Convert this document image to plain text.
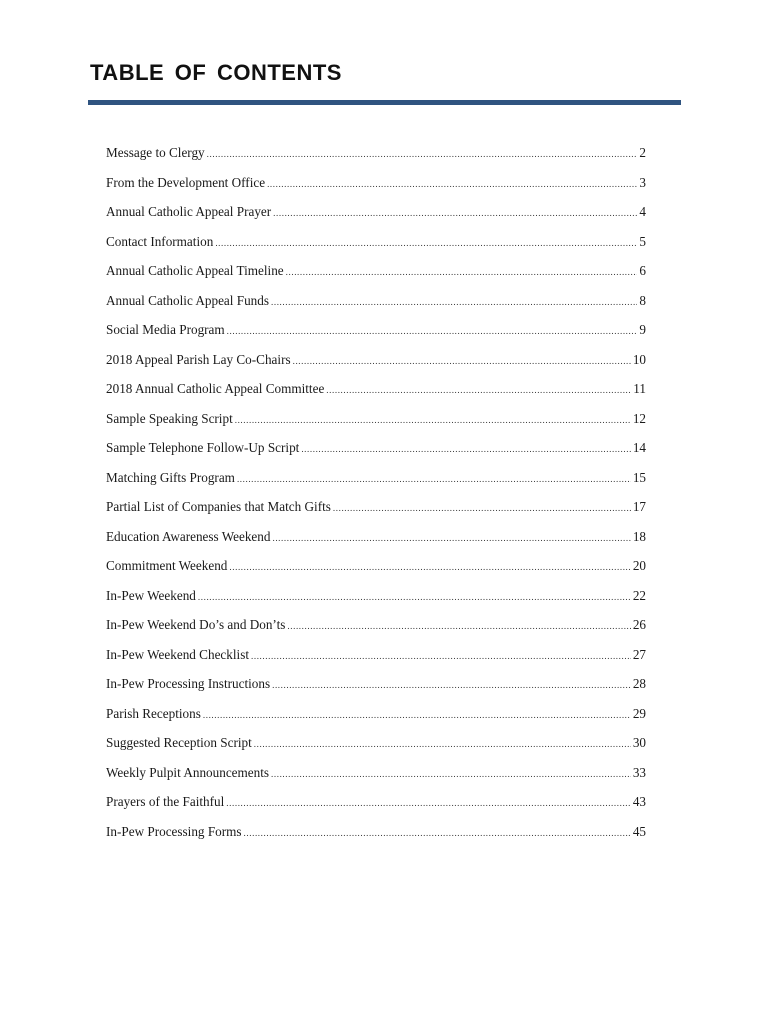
TABLE OF CONTENTS
Message to Clergy .....	2
From the Development Office .....	3
Annual Catholic Appeal Prayer .....	4
Contact Information .....	5
Annual Catholic Appeal Timeline .....	6
Annual Catholic Appeal Funds .....	8
Social Media Program .....	9
2018 Appeal Parish Lay Co-Chairs .....	10
2018 Annual Catholic Appeal Committee .....	11
Sample Speaking Script .....	12
Sample Telephone Follow-Up Script .....	14
Matching Gifts Program .....	15
Partial List of Companies that Match Gifts .....	17
Education Awareness Weekend .....	18
Commitment Weekend .....	20
In-Pew Weekend .....	22
In-Pew Weekend Do’s and Don’ts .....	26
In-Pew Weekend Checklist .....	27
In-Pew Processing Instructions .....	28
Parish Receptions .....	29
Suggested Reception Script .....	30
Weekly Pulpit Announcements .....	33
Prayers of the Faithful .....	43
In-Pew Processing Forms .....	45
